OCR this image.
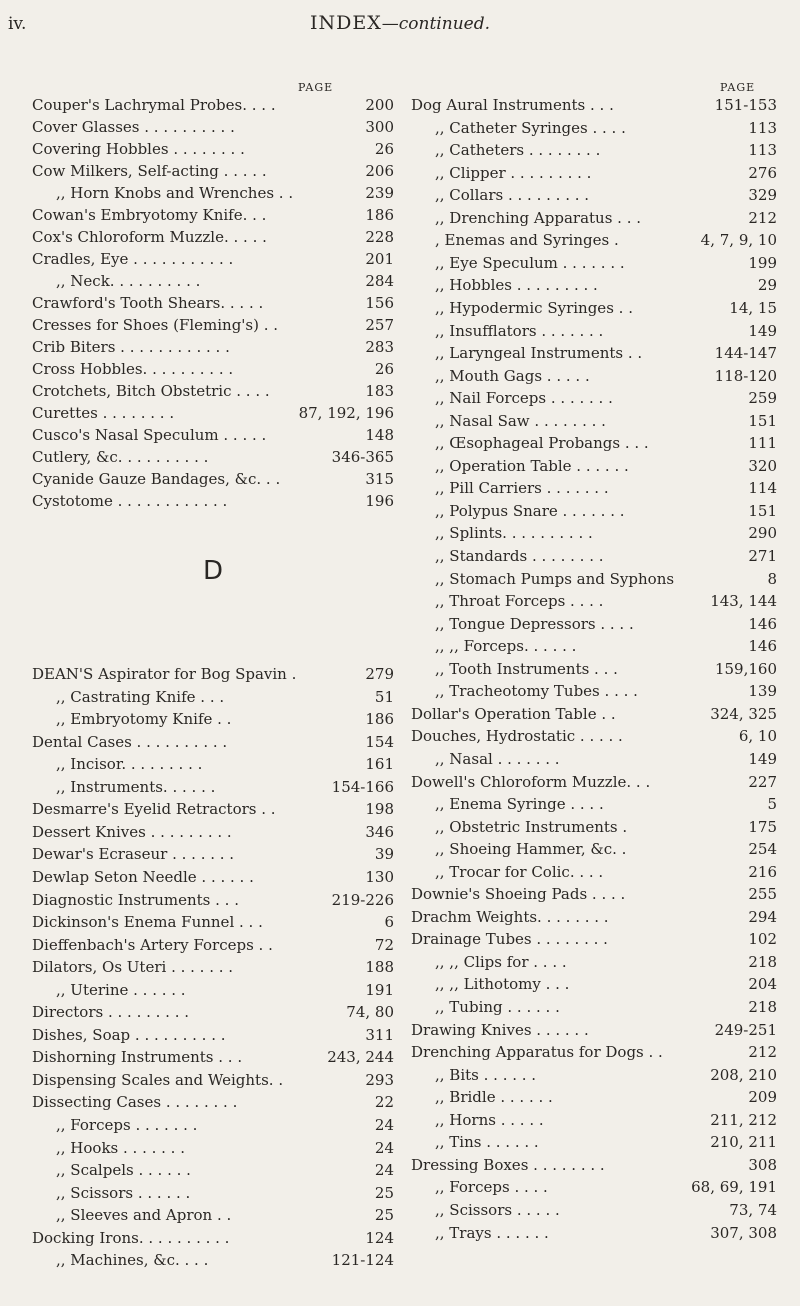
iv.	INDEX—continued.
PAGE
Couper's Lachrymal Probes. . . .	200
Cover Glasses . . . . . . . . . .	300
Covering Hobbles . . . . . . . .	26
Cow Milkers, Self-acting . . . . .	206
,, Horn Knobs and Wrenches . .	239
Cowan's Embryotomy Knife. . .	186
Cox's Chloroform Muzzle. . . . .	228
Cradles, Eye . . . . . . . . . . .	201
,, Neck. . . . . . . . . .	284
Crawford's Tooth Shears. . . . .	156
Cresses for Shoes (Fleming's) . .	257
Crib Biters . . . . . . . . . . . .	283
Cross Hobbles. . . . . . . . . .	26
Crotchets, Bitch Obstetric . . . .	183
Curettes . . . . . . . .	87, 192, 196
Cusco's Nasal Speculum . . . . .	148
Cutlery, &c. . . . . . . . . .	346-365
Cyanide Gauze Bandages, &c. . .	315
Cystotome . . . . . . . . . . . .	196
DEAN'S Aspirator for Bog Spavin .	279
,, Castrating Knife . . .	51
,, Embryotomy Knife . .	186
Dental Cases . . . . . . . . . .	154
,, Incisor. . . . . . . . .	161
,, Instruments. . . . . .	154-166
Desmarre's Eyelid Retractors . .	198
Dessert Knives . . . . . . . . .	346
Dewar's Ecraseur . . . . . . .	39
Dewlap Seton Needle . . . . . .	130
Diagnostic Instruments . . .	219-226
Dickinson's Enema Funnel . . .	6
Dieffenbach's Artery Forceps . .	72
Dilators, Os Uteri . . . . . . .	188
,, Uterine . . . . . .	191
Directors . . . . . . . . .	74, 80
Dishes, Soap . . . . . . . . . .	311
Dishorning Instruments . . .	243, 244
Dispensing Scales and Weights. .	293
Dissecting Cases . . . . . . . .	22
,, Forceps . . . . . . .	24
,, Hooks . . . . . . .	24
,, Scalpels . . . . . .	24
,, Scissors . . . . . .	25
,, Sleeves and Apron . .	25
Docking Irons. . . . . . . . . .	124
,, Machines, &c. . . .	121-124
D
PAGE
Dog Aural Instruments . . .	151-153
,, Catheter Syringes . . . .	113
,, Catheters . . . . . . . .	113
,, Clipper . . . . . . . . .	276
,, Collars . . . . . . . . .	329
,, Drenching Apparatus . . .	212
, Enemas and Syringes .	4, 7, 9, 10
,, Eye Speculum . . . . . . .	199
,, Hobbles . . . . . . . . .	29
,, Hypodermic Syringes . .	14, 15
,, Insufflators . . . . . . .	149
,, Laryngeal Instruments . .	144-147
,, Mouth Gags . . . . .	118-120
,, Nail Forceps . . . . . . .	259
,, Nasal Saw . . . . . . . .	151
,, Œsophageal Probangs . . .	111
,, Operation Table . . . . . .	320
,, Pill Carriers . . . . . . .	114
,, Polypus Snare . . . . . . .	151
,, Splints. . . . . . . . . .	290
,, Standards . . . . . . . .	271
,, Stomach Pumps and Syphons	8
,, Throat Forceps . . . .	143, 144
,, Tongue Depressors . . . .	146
,, ,, Forceps. . . . . .	146
,, Tooth Instruments . . .	159,160
,, Tracheotomy Tubes . . . .	139
Dollar's Operation Table . .	324, 325
Douches, Hydrostatic . . . . .	6, 10
,, Nasal . . . . . . .	149
Dowell's Chloroform Muzzle. . .	227
,, Enema Syringe . . . .	5
,, Obstetric Instruments .	175
,, Shoeing Hammer, &c. .	254
,, Trocar for Colic. . . .	216
Downie's Shoeing Pads . . . .	255
Drachm Weights. . . . . . . .	294
Drainage Tubes . . . . . . . .	102
,, ,, Clips for . . . .	218
,, ,, Lithotomy . . .	204
,, Tubing . . . . . .	218
Drawing Knives . . . . . .	249-251
Drenching Apparatus for Dogs . .	212
,, Bits . . . . . .	208, 210
,, Bridle . . . . . .	209
,, Horns . . . . .	211, 212
,, Tins . . . . . .	210, 211
Dressing Boxes . . . . . . . .	308
,, Forceps . . . .	68, 69, 191
,, Scissors . . . . .	73, 74
,, Trays . . . . . .	307, 308
